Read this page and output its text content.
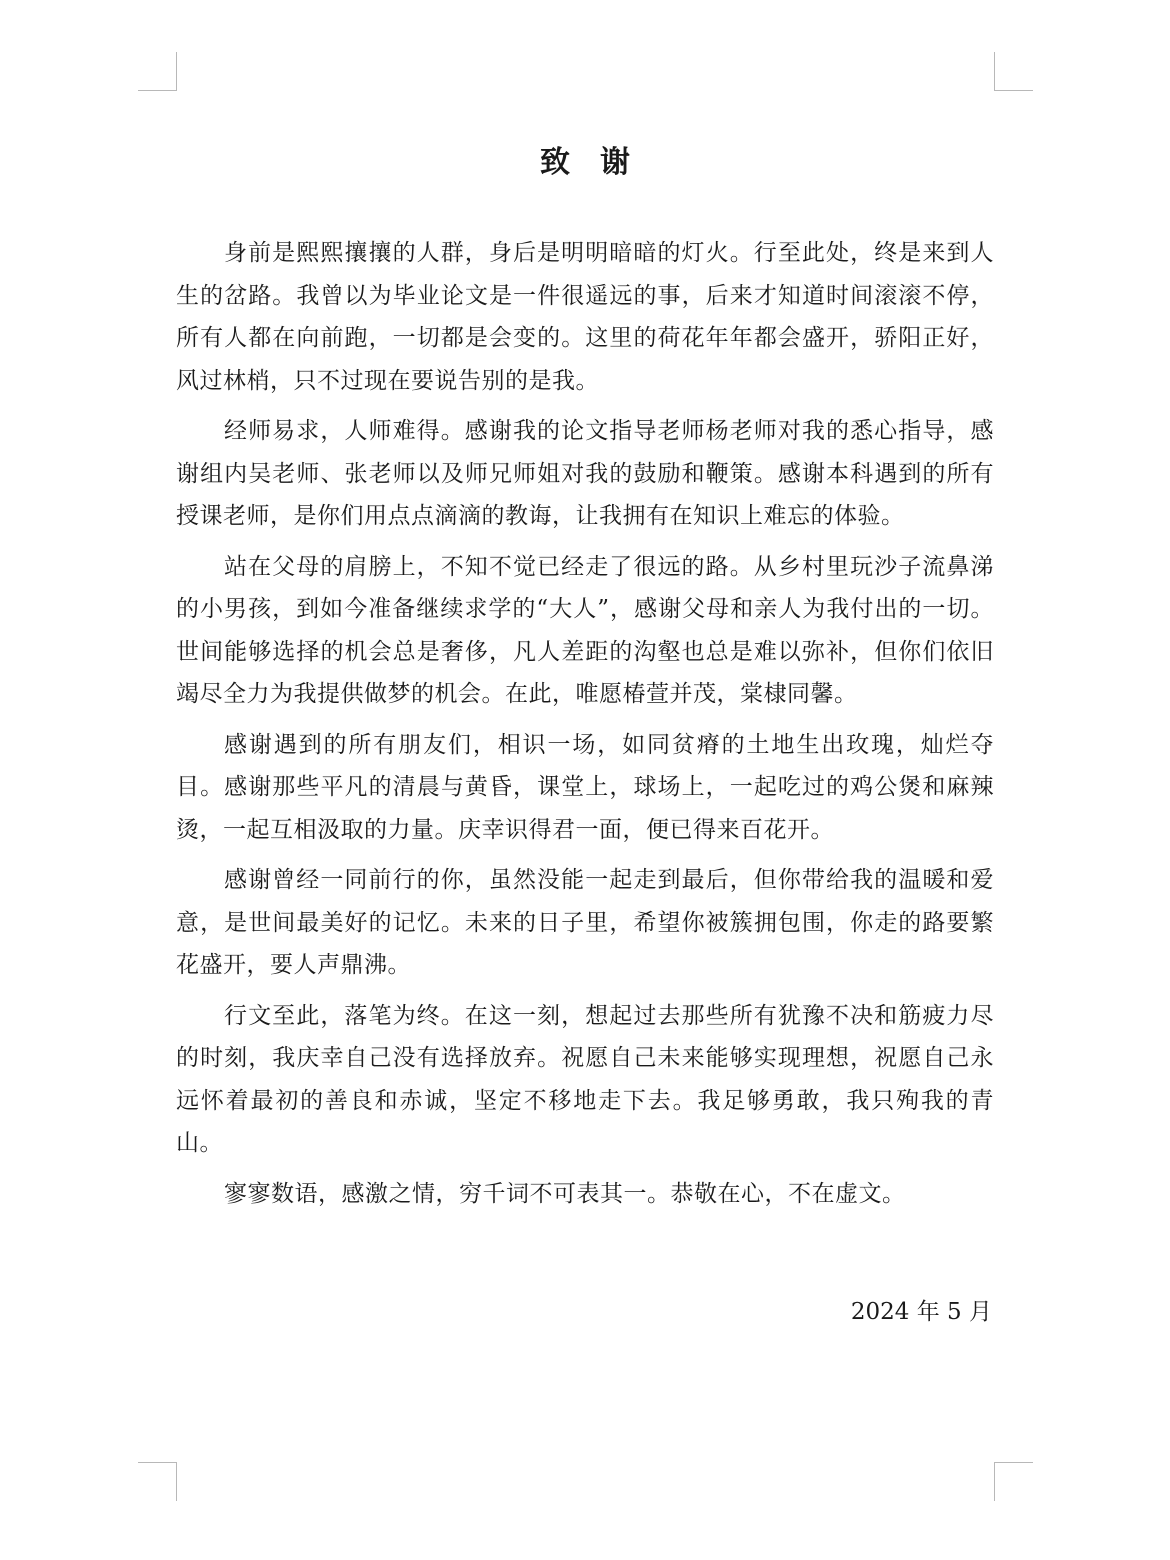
致谢

身前是熙熙攘攘的人群，身后是明明暗暗的灯火。行至此处，终是来到人生的岔路。我曾以为毕业论文是一件很遥远的事，后来才知道时间滚滚不停，所有人都在向前跑，一切都是会变的。这里的荷花年年都会盛开，骄阳正好，风过林梢，只不过现在要说告别的是我。

经师易求，人师难得。感谢我的论文指导老师杨老师对我的悉心指导，感谢组内吴老师、张老师以及师兄师姐对我的鼓励和鞭策。感谢本科遇到的所有授课老师，是你们用点点滴滴的教诲，让我拥有在知识上难忘的体验。

站在父母的肩膀上，不知不觉已经走了很远的路。从乡村里玩沙子流鼻涕的小男孩，到如今准备继续求学的“大人”，感谢父母和亲人为我付出的一切。世间能够选择的机会总是奢侈，凡人差距的沟壑也总是难以弥补，但你们依旧竭尽全力为我提供做梦的机会。在此，唯愿椿萱并茂，棠棣同馨。

感谢遇到的所有朋友们，相识一场，如同贫瘠的土地生出玫瑰，灿烂夺目。感谢那些平凡的清晨与黄昏，课堂上，球场上，一起吃过的鸡公煲和麻辣烫，一起互相汲取的力量。庆幸识得君一面，便已得来百花开。

感谢曾经一同前行的你，虽然没能一起走到最后，但你带给我的温暖和爱意，是世间最美好的记忆。未来的日子里，希望你被簇拥包围，你走的路要繁花盛开，要人声鼎沸。

行文至此，落笔为终。在这一刻，想起过去那些所有犹豫不决和筋疲力尽的时刻，我庆幸自己没有选择放弃。祝愿自己未来能够实现理想，祝愿自己永远怀着最初的善良和赤诚，坚定不移地走下去。我足够勇敢，我只殉我的青山。

寥寥数语，感激之情，穷千词不可表其一。恭敬在心，不在虚文。

2024 年 5 月
